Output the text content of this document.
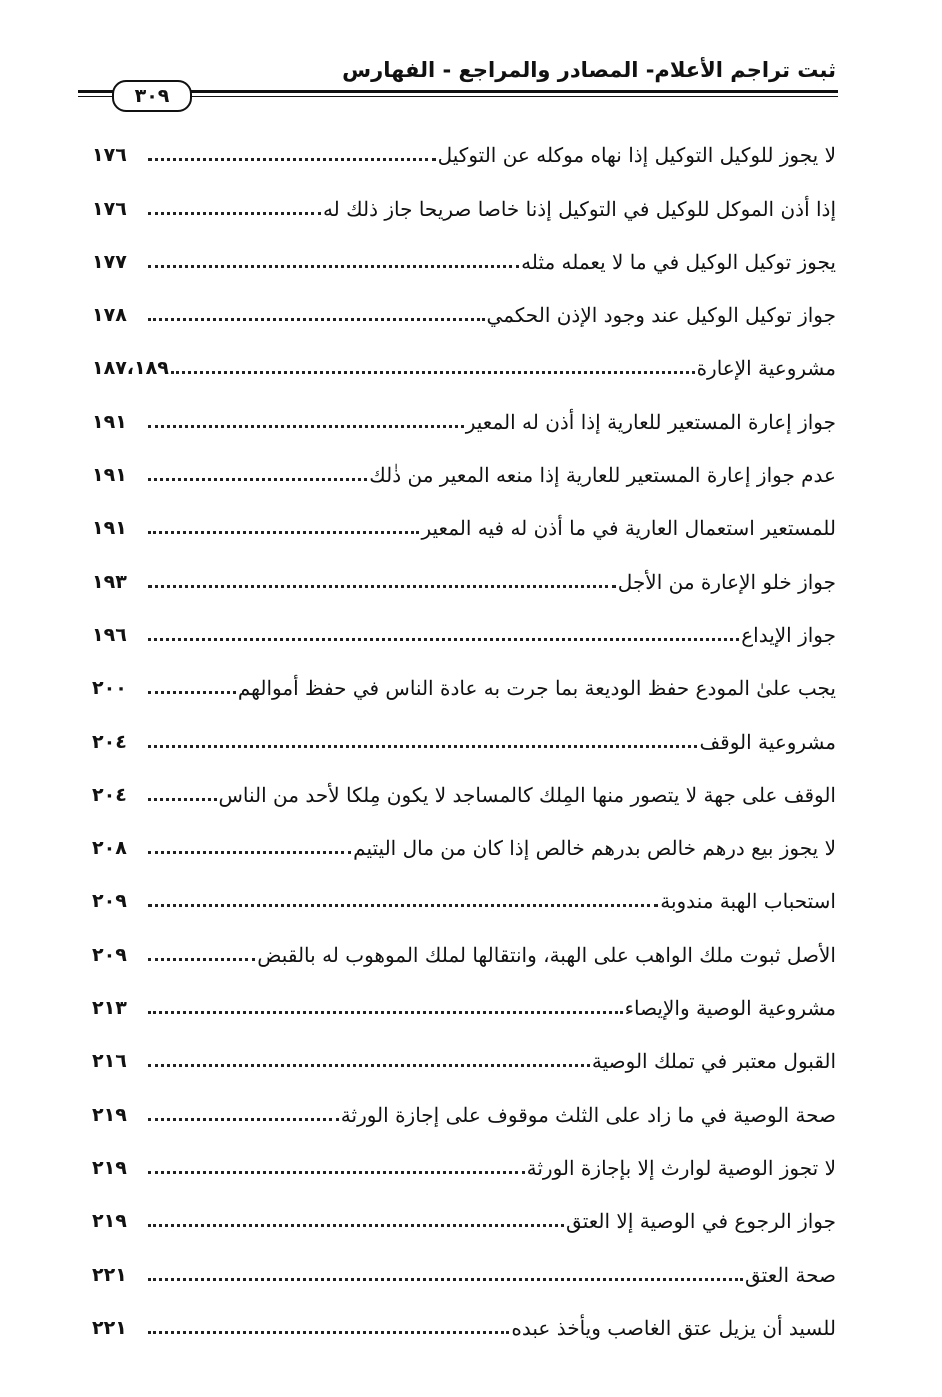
ثبت تراجم الأعلام- المصادر والمراجع - الفهارس
٣٠٩
لا يجوز للوكيل التوكيل إذا نهاه موكله عن التوكيل
١٧٦
إذا أذن الموكل للوكيل في التوكيل إذنا خاصا صريحا جاز ذلك له
١٧٦
يجوز توكيل الوكيل في ما لا يعمله مثله
١٧٧
جواز توكيل الوكيل عند وجود الإذن الحكمي
١٧٨
مشروعية الإعارة
١٨٧،١٨٩
جواز إعارة المستعير للعارية إذا أذن له المعير
١٩١
عدم جواز إعارة المستعير للعارية إذا منعه المعير من ذٰلك
١٩١
للمستعير استعمال العارية في ما أذن له فيه المعير
١٩١
جواز خلو الإعارة من الأجل
١٩٣
جواز الإيداع
١٩٦
يجب علىٰ المودع حفظ الوديعة بما جرت به عادة الناس في حفظ أموالهم
٢٠٠
مشروعية الوقف
٢٠٤
الوقف على جهة لا يتصور منها المِلك كالمساجد لا يكون مِلكا لأحد من الناس
٢٠٤
لا يجوز بيع درهم خالص بدرهم خالص إذا كان من مال اليتيم
٢٠٨
استحباب الهبة مندوبة
٢٠٩
الأصل ثبوت ملك الواهب على الهبة، وانتقالها لملك الموهوب له بالقبض
٢٠٩
مشروعية الوصية والإيصاء
٢١٣
القبول معتبر في تملك الوصية
٢١٦
صحة الوصية في ما زاد على الثلث موقوف على إجازة الورثة
٢١٩
لا تجوز الوصية لوارث إلا بإجازة الورثة
٢١٩
جواز الرجوع في الوصية إلا العتق
٢١٩
صحة العتق
٢٢١
للسيد أن يزيل عتق الغاصب ويأخذ عبده
٢٢١
